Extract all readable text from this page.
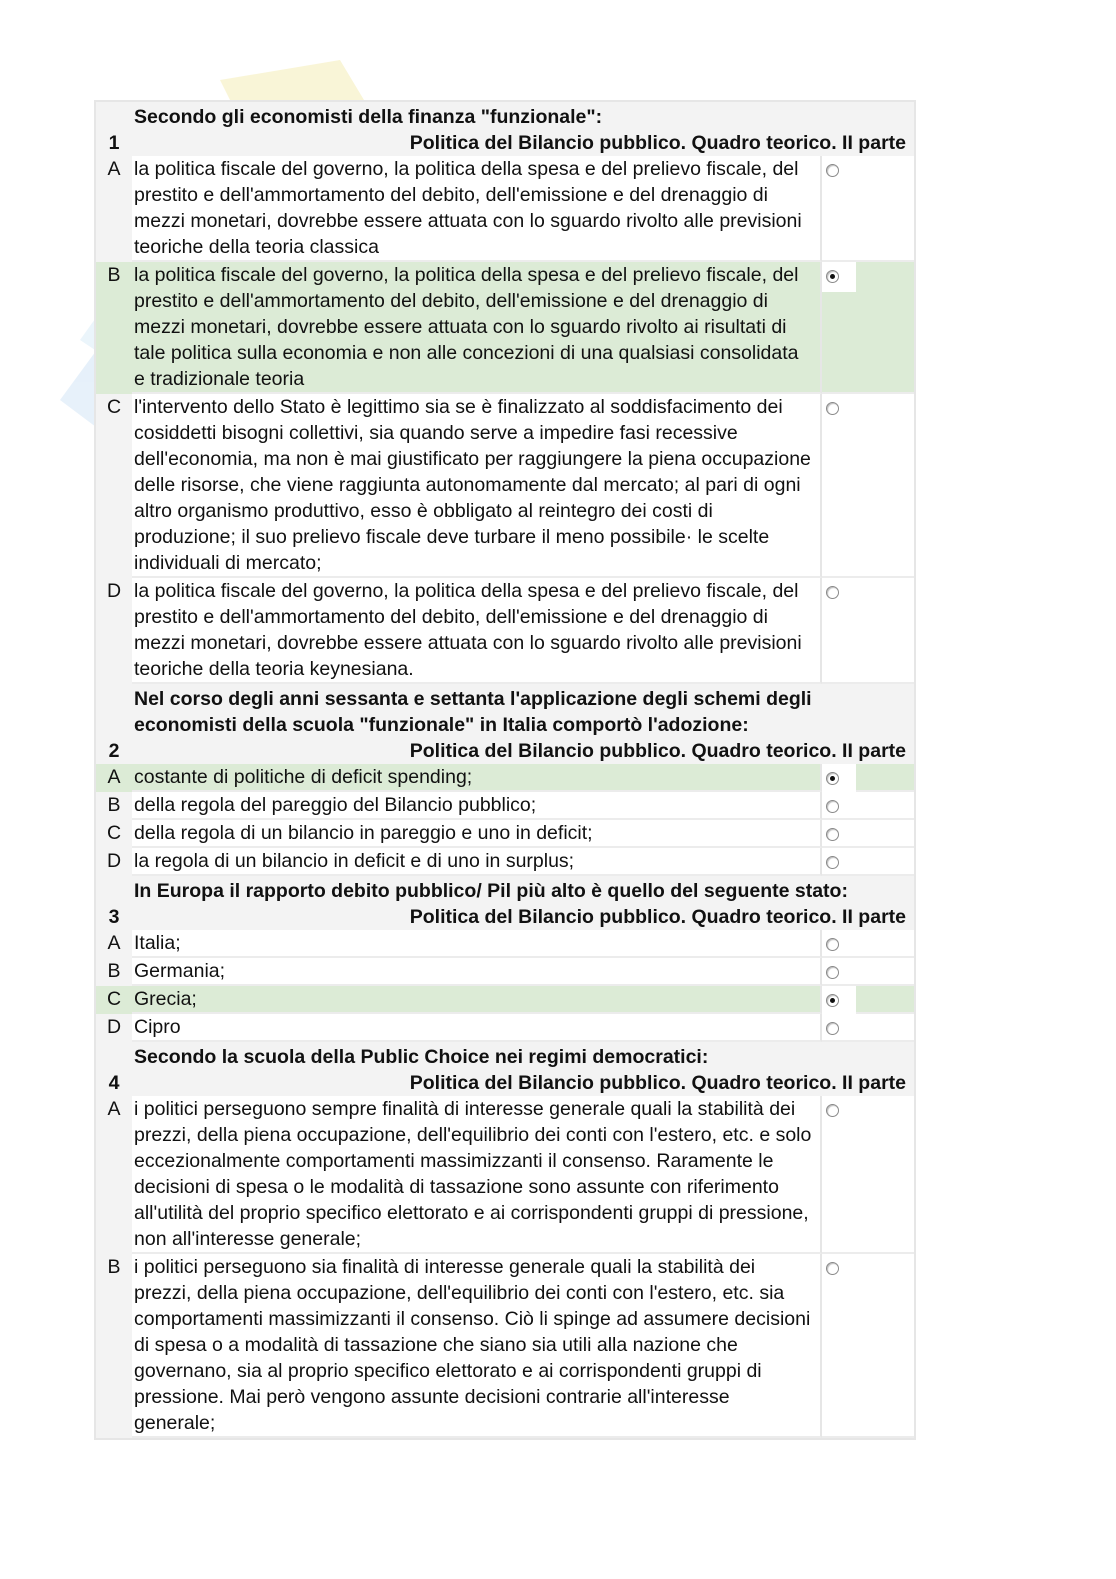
1
Secondo gli economisti della finanza "funzionale":
Politica del Bilancio pubblico. Quadro teorico. II parte
A la politica fiscale del governo, la politica della spesa e del prelievo fiscale, del prestito e dell'ammortamento del debito, dell'emissione e del drenaggio di mezzi monetari, dovrebbe essere attuata con lo sguardo rivolto alle previsioni teoriche della teoria classica
B la politica fiscale del governo, la politica della spesa e del prelievo fiscale, del prestito e dell'ammortamento del debito, dell'emissione e del drenaggio di mezzi monetari, dovrebbe essere attuata con lo sguardo rivolto ai risultati di tale politica sulla economia e non alle concezioni di una qualsiasi consolidata e tradizionale teoria
C l'intervento dello Stato è legittimo sia se è finalizzato al soddisfacimento dei cosiddetti bisogni collettivi, sia quando serve a impedire fasi recessive dell'economia, ma non è mai giustificato per raggiungere la piena occupazione delle risorse, che viene raggiunta autonomamente dal mercato; al pari di ogni altro organismo produttivo, esso è obbligato al reintegro dei costi di produzione; il suo prelievo fiscale deve turbare il meno possibile· le scelte individuali di mercato;
D la politica fiscale del governo, la politica della spesa e del prelievo fiscale, del prestito e dell'ammortamento del debito, dell'emissione e del drenaggio di mezzi monetari, dovrebbe essere attuata con lo sguardo rivolto alle previsioni teoriche della teoria keynesiana.
2
Nel corso degli anni sessanta e settanta l'applicazione degli schemi degli economisti della scuola "funzionale" in Italia comportò l'adozione:
Politica del Bilancio pubblico. Quadro teorico. II parte
A costante di politiche di deficit spending;
B della regola del pareggio del Bilancio pubblico;
C della regola di un bilancio in pareggio e uno in deficit;
D la regola di un bilancio in deficit e di uno in surplus;
3
In Europa il rapporto debito pubblico/ Pil più alto è quello del seguente stato:
Politica del Bilancio pubblico. Quadro teorico. II parte
A Italia;
B Germania;
C Grecia;
D Cipro
4
Secondo la scuola della Public Choice nei regimi democratici:
Politica del Bilancio pubblico. Quadro teorico. II parte
A i politici perseguono sempre finalità di interesse generale quali la stabilità dei prezzi, della piena occupazione, dell'equilibrio dei conti con l'estero, etc. e solo eccezionalmente comportamenti massimizzanti il consenso. Raramente le decisioni di spesa o le modalità di tassazione sono assunte con riferimento all'utilità del proprio specifico elettorato e ai corrispondenti gruppi di pressione, non all'interesse generale;
B i politici perseguono sia finalità di interesse generale quali la stabilità dei prezzi, della piena occupazione, dell'equilibrio dei conti con l'estero, etc. sia comportamenti massimizzanti il consenso. Ciò li spinge ad assumere decisioni di spesa o a modalità di tassazione che siano sia utili alla nazione che governano, sia al proprio specifico elettorato e ai corrispondenti gruppi di pressione. Mai però vengono assunte decisioni contrarie all'interesse generale;
